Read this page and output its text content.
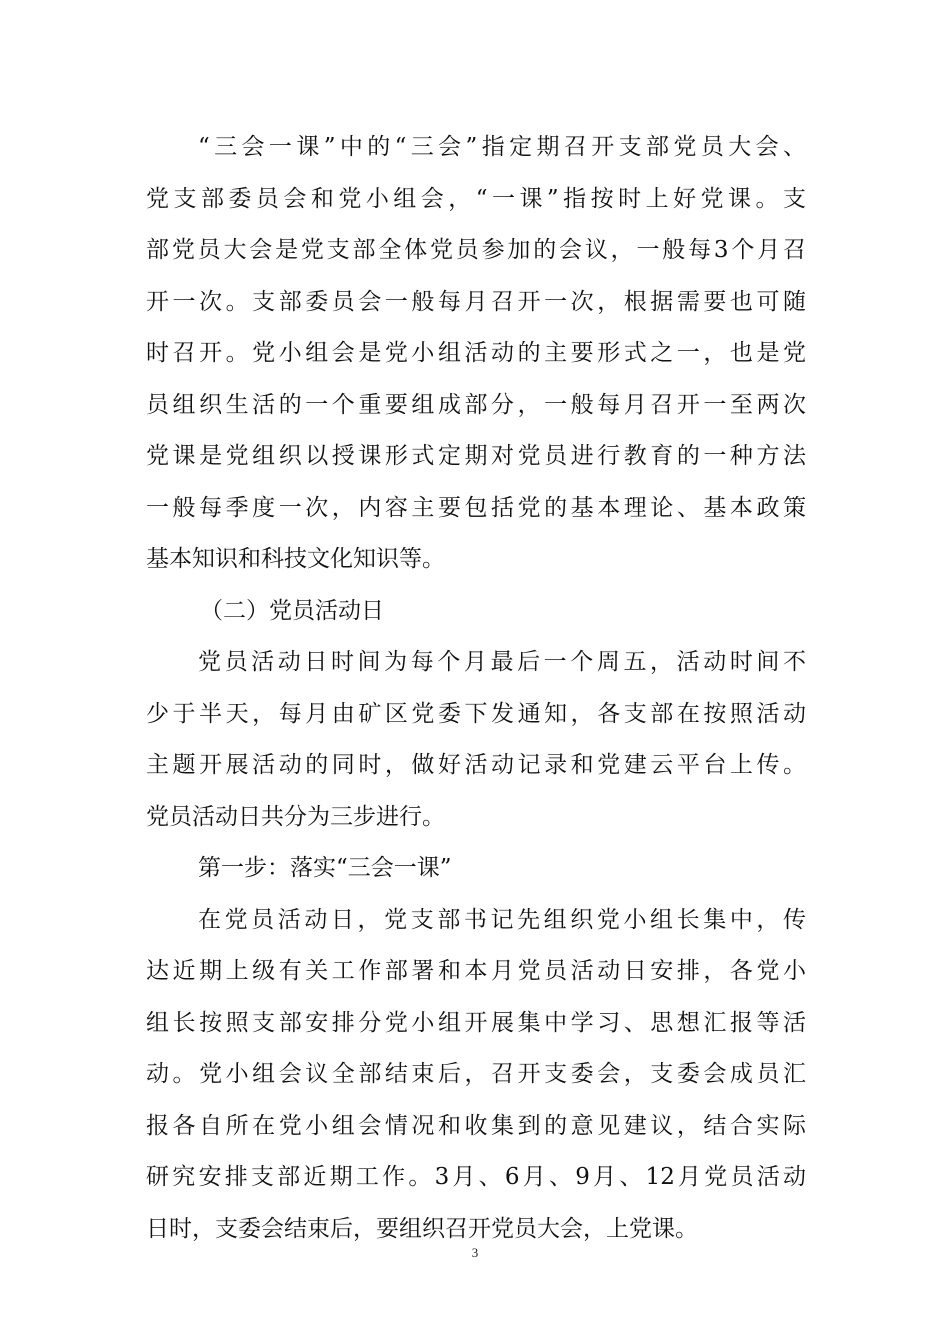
“三会一课”中的“三会”指定期召开支部党员大会、
党支部委员会和党小组会，“一课”指按时上好党课。支
部党员大会是党支部全体党员参加的会议，一般每3个月召
开一次。支部委员会一般每月召开一次，根据需要也可随
时召开。党小组会是党小组活动的主要形式之一，也是党
员组织生活的一个重要组成部分，一般每月召开一至两次
党课是党组织以授课形式定期对党员进行教育的一种方法
一般每季度一次，内容主要包括党的基本理论、基本政策
基本知识和科技文化知识等。
（二）党员活动日
党员活动日时间为每个月最后一个周五，活动时间不
少于半天，每月由矿区党委下发通知，各支部在按照活动
主题开展活动的同时，做好活动记录和党建云平台上传。
党员活动日共分为三步进行。
第一步：落实“三会一课”
在党员活动日，党支部书记先组织党小组长集中，传
达近期上级有关工作部署和本月党员活动日安排，各党小
组长按照支部安排分党小组开展集中学习、思想汇报等活
动。党小组会议全部结束后，召开支委会，支委会成员汇
报各自所在党小组会情况和收集到的意见建议，结合实际
研究安排支部近期工作。3月、6月、9月、12月党员活动
日时，支委会结束后，要组织召开党员大会，上党课。
3
